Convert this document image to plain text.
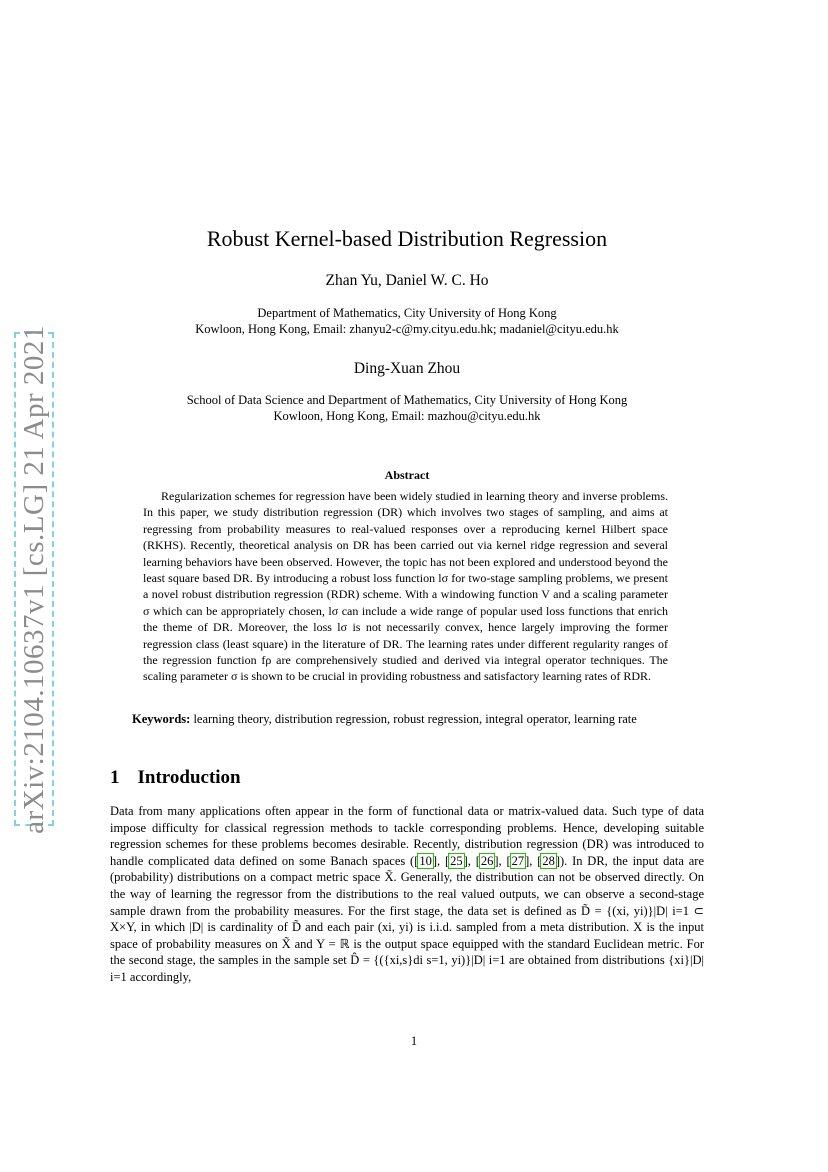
arXiv:2104.10637v1 [cs.LG] 21 Apr 2021
Robust Kernel-based Distribution Regression
Zhan Yu, Daniel W. C. Ho
Department of Mathematics, City University of Hong Kong
Kowloon, Hong Kong, Email: zhanyu2-c@my.cityu.edu.hk; madaniel@cityu.edu.hk
Ding-Xuan Zhou
School of Data Science and Department of Mathematics, City University of Hong Kong
Kowloon, Hong Kong, Email: mazhou@cityu.edu.hk
Abstract
Regularization schemes for regression have been widely studied in learning theory and inverse problems. In this paper, we study distribution regression (DR) which involves two stages of sampling, and aims at regressing from probability measures to real-valued responses over a reproducing kernel Hilbert space (RKHS). Recently, theoretical analysis on DR has been carried out via kernel ridge regression and several learning behaviors have been observed. However, the topic has not been explored and understood beyond the least square based DR. By introducing a robust loss function lσ for two-stage sampling problems, we present a novel robust distribution regression (RDR) scheme. With a windowing function V and a scaling parameter σ which can be appropriately chosen, lσ can include a wide range of popular used loss functions that enrich the theme of DR. Moreover, the loss lσ is not necessarily convex, hence largely improving the former regression class (least square) in the literature of DR. The learning rates under different regularity ranges of the regression function fρ are comprehensively studied and derived via integral operator techniques. The scaling parameter σ is shown to be crucial in providing robustness and satisfactory learning rates of RDR.
Keywords: learning theory, distribution regression, robust regression, integral operator, learning rate
1 Introduction
Data from many applications often appear in the form of functional data or matrix-valued data. Such type of data impose difficulty for classical regression methods to tackle corresponding problems. Hence, developing suitable regression schemes for these problems becomes desirable. Recently, distribution regression (DR) was introduced to handle complicated data defined on some Banach spaces ([10], [25], [26], [27], [28]). In DR, the input data are (probability) distributions on a compact metric space X̃. Generally, the distribution can not be observed directly. On the way of learning the regressor from the distributions to the real valued outputs, we can observe a second-stage sample drawn from the probability measures. For the first stage, the data set is defined as D̃ = {(xi, yi)}|D| i=1 ⊂ X×Y, in which |D| is cardinality of D̃ and each pair (xi, yi) is i.i.d. sampled from a meta distribution. X is the input space of probability measures on X̃ and Y = ℝ is the output space equipped with the standard Euclidean metric. For the second stage, the samples in the sample set D̂ = {({xi,s}di s=1, yi)}|D| i=1 are obtained from distributions {xi}|D| i=1 accordingly,
1
